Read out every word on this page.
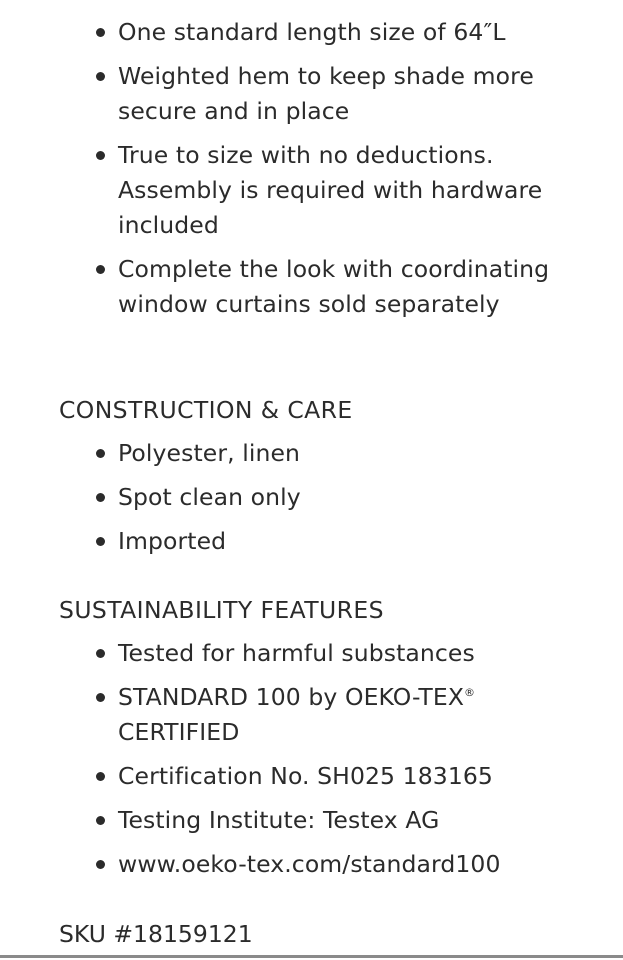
One standard length size of 64″L
Weighted hem to keep shade more secure and in place
True to size with no deductions. Assembly is required with hardware included
Complete the look with coordinating window curtains sold separately
CONSTRUCTION & CARE
Polyester, linen
Spot clean only
Imported
SUSTAINABILITY FEATURES
Tested for harmful substances
STANDARD 100 by OEKO-TEX®
CERTIFIED
Certification No. SH025 183165
Testing Institute: Testex AG
www.oeko-tex.com/standard100
SKU #18159121
